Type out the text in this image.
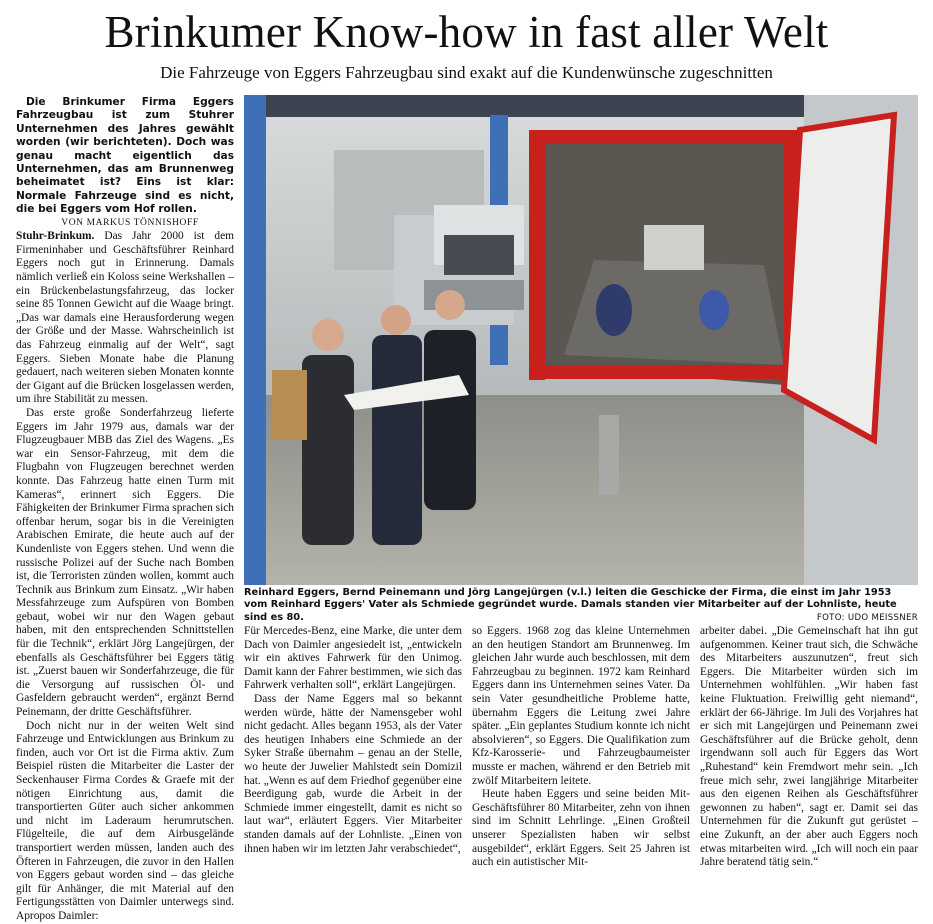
Brinkumer Know-how in fast aller Welt
Die Fahrzeuge von Eggers Fahrzeugbau sind exakt auf die Kundenwünsche zugeschnitten

Die Brinkumer Firma Eggers Fahrzeugbau ist zum Stuhrer Unternehmen des Jahres gewählt worden (wir berichteten). Doch was genau macht eigentlich das Unternehmen, das am Brunnenweg beheimatet ist? Eins ist klar: Normale Fahrzeuge sind es nicht, die bei Eggers vom Hof rollen.

VON MARKUS TÖNNISHOFF

Stuhr-Brinkum. Das Jahr 2000 ist dem Firmeninhaber und Geschäftsführer Reinhard Eggers noch gut in Erinnerung. Damals nämlich verließ ein Koloss seine Werkshallen – ein Brückenbelastungsfahrzeug, das locker seine 85 Tonnen Gewicht auf die Waage bringt. „Das war damals eine Herausforderung wegen der Größe und der Masse. Wahrscheinlich ist das Fahrzeug einmalig auf der Welt“, sagt Eggers. Sieben Monate habe die Planung gedauert, nach weiteren sieben Monaten konnte der Gigant auf die Brücken losgelassen werden, um ihre Stabilität zu messen.

Das erste große Sonderfahrzeug lieferte Eggers im Jahr 1979 aus, damals war der Flugzeugbauer MBB das Ziel des Wagens. „Es war ein Sensor-Fahrzeug, mit dem die Flugbahn von Flugzeugen berechnet werden konnte. Das Fahrzeug hatte einen Turm mit Kameras“, erinnert sich Eggers. Die Fähigkeiten der Brinkumer Firma sprachen sich offenbar herum, sogar bis in die Vereinigten Arabischen Emirate, die heute auch auf der Kundenliste von Eggers stehen. Und wenn die russische Polizei auf der Suche nach Bomben ist, die Terroristen zünden wollen, kommt auch Technik aus Brinkum zum Einsatz. „Wir haben Messfahrzeuge zum Aufspüren von Bomben gebaut, wobei wir nur den Wagen gebaut haben, mit den entsprechenden Schnittstellen für die Technik“, erklärt Jörg Langejürgen, der ebenfalls als Geschäftsführer bei Eggers tätig ist. „Zuerst bauen wir Sonderfahrzeuge, die für die Versorgung auf russischen Öl- und Gasfeldern gebraucht werden“, ergänzt Bernd Peinemann, der dritte Geschäftsführer.

Doch nicht nur in der weiten Welt sind Fahrzeuge und Entwicklungen aus Brinkum zu finden, auch vor Ort ist die Firma aktiv. Zum Beispiel rüsten die Mitarbeiter die Laster der Seckenhauser Firma Cordes & Graefe mit der nötigen Einrichtung aus, damit die transportierten Güter auch sicher ankommen und nicht im Laderaum herumrutschen. Flügelteile, die auf dem Airbusgelände transportiert werden müssen, landen auch des Öfteren in Fahrzeugen, die zuvor in den Hallen von Eggers gebaut worden sind – das gleiche gilt für Anhänger, die mit Material auf den Fertigungsstätten von Daimler unterwegs sind. Apropos Daimler:

Reinhard Eggers, Bernd Peinemann und Jörg Langejürgen (v.l.) leiten die Geschicke der Firma, die einst im Jahr 1953 vom Reinhard Eggers' Vater als Schmiede gegründet wurde. Damals standen vier Mitarbeiter auf der Lohnliste, heute sind es 80.	FOTO: UDO MEISSNER

Für Mercedes-Benz, eine Marke, die unter dem Dach von Daimler angesiedelt ist, „entwickeln wir ein aktives Fahrwerk für den Unimog. Damit kann der Fahrer bestimmen, wie sich das Fahrwerk verhalten soll“, erklärt Langejürgen.

Dass der Name Eggers mal so bekannt werden würde, hätte der Namensgeber wohl nicht gedacht. Alles begann 1953, als der Vater des heutigen Inhabers eine Schmiede an der Syker Straße übernahm – genau an der Stelle, wo heute der Juwelier Mahlstedt sein Domizil hat. „Wenn es auf dem Friedhof gegenüber eine Beerdigung gab, wurde die Arbeit in der Schmiede immer eingestellt, damit es nicht so laut war“, erläutert Eggers. Vier Mitarbeiter standen damals auf der Lohnliste. „Einen von ihnen haben wir im letzten Jahr verabschiedet“,

so Eggers. 1968 zog das kleine Unternehmen an den heutigen Standort am Brunnenweg. Im gleichen Jahr wurde auch beschlossen, mit dem Fahrzeugbau zu beginnen. 1972 kam Reinhard Eggers dann ins Unternehmen seines Vater. Da sein Vater gesundheitliche Probleme hatte, übernahm Eggers die Leitung zwei Jahre später. „Ein geplantes Studium konnte ich nicht absolvieren“, so Eggers. Die Qualifikation zum Kfz-Karosserie- und Fahrzeugbaumeister musste er machen, während er den Betrieb mit zwölf Mitarbeitern leitete.

Heute haben Eggers und seine beiden Mit-Geschäftsführer 80 Mitarbeiter, zehn von ihnen sind im Schnitt Lehrlinge. „Einen Großteil unserer Spezialisten haben wir selbst ausgebildet“, erklärt Eggers. Seit 25 Jahren ist auch ein autistischer Mit-

arbeiter dabei. „Die Gemeinschaft hat ihn gut aufgenommen. Keiner traut sich, die Schwäche des Mitarbeiters auszunutzen“, freut sich Eggers. Die Mitarbeiter würden sich im Unternehmen wohlfühlen. „Wir haben fast keine Fluktuation. Freiwillig geht niemand“, erklärt der 66-Jährige. Im Juli des Vorjahres hat er sich mit Langejürgen und Peinemann zwei Geschäftsführer auf die Brücke geholt, denn irgendwann soll auch für Eggers das Wort „Ruhestand“ kein Fremdwort mehr sein. „Ich freue mich sehr, zwei langjährige Mitarbeiter aus den eigenen Reihen als Geschäftsführer gewonnen zu haben“, sagt er. Damit sei das Unternehmen für die Zukunft gut gerüstet – eine Zukunft, an der aber auch Eggers noch etwas mitarbeiten wird. „Ich will noch ein paar Jahre beratend tätig sein.“
